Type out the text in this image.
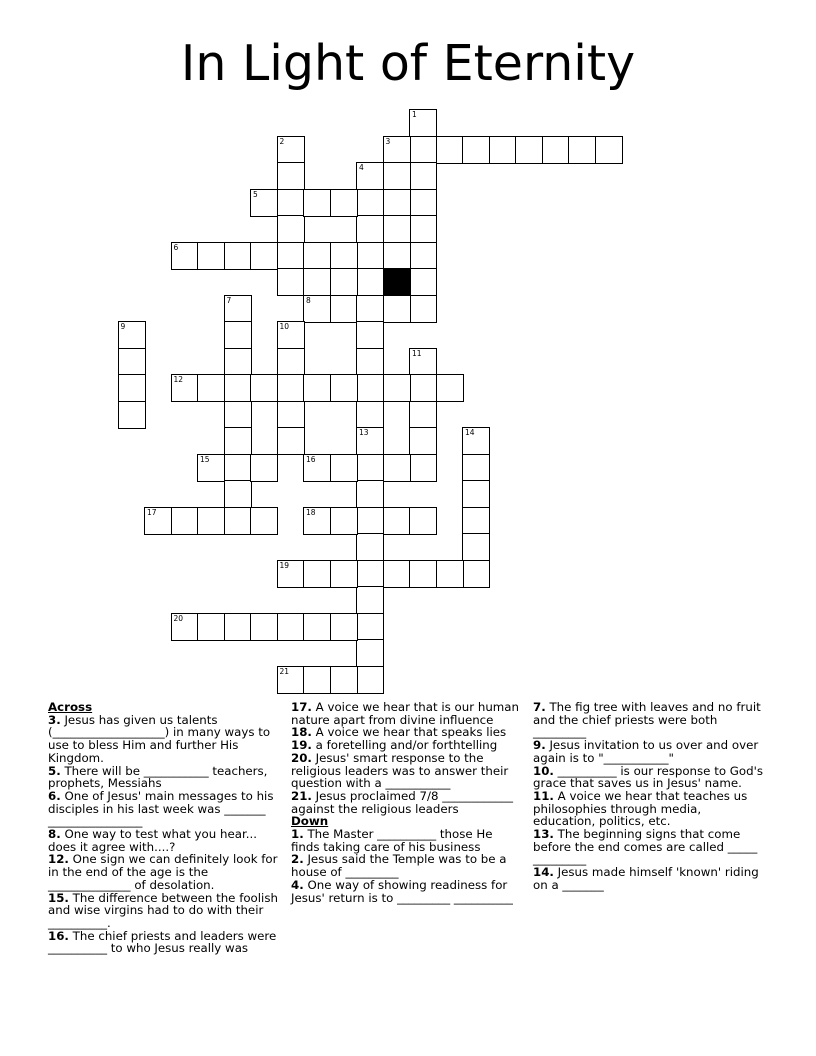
In Light of Eternity
1
2	3
4
5
6
7	8
9	10
13
11
12
14
15	16
17	18
19
20
21

Across

3. Jesus has given us talents (___________________) in many ways to use to bless Him and further His Kingdom.

5. There will be ___________ teachers, prophets, Messiahs

6. One of Jesus' main messages to his disciples in his last week was _______ ________________

8. One way to test what you hear... does it agree with....?

12. One sign we can definitely look for in the end of the age is the ______________ of desolation.

15. The difference between the foolish and wise virgins had to do with their __________.

16. The chief priests and leaders were __________ to who Jesus really was

17. A voice we hear that is our human nature apart from divine influence

18. A voice we hear that speaks lies

19. a foretelling and/or forthtelling

20. Jesus' smart response to the religious leaders was to answer their question with a ___________

21. Jesus proclaimed 7/8 ____________ against the religious leaders

Down

1. The Master __________ those He finds taking care of his business

2. Jesus said the Temple was to be a house of _________

4. One way of showing readiness for Jesus' return is to _________ __________

7. The fig tree with leaves and no fruit and the chief priests were both _________

9. Jesus invitation to us over and over again is to "___________"

10. __________ is our response to God's grace that saves us in Jesus' name.

11. A voice we hear that teaches us philosophies through media, education, politics, etc.

13. The beginning signs that come before the end comes are called _____ _________

14. Jesus made himself 'known' riding on a _______
